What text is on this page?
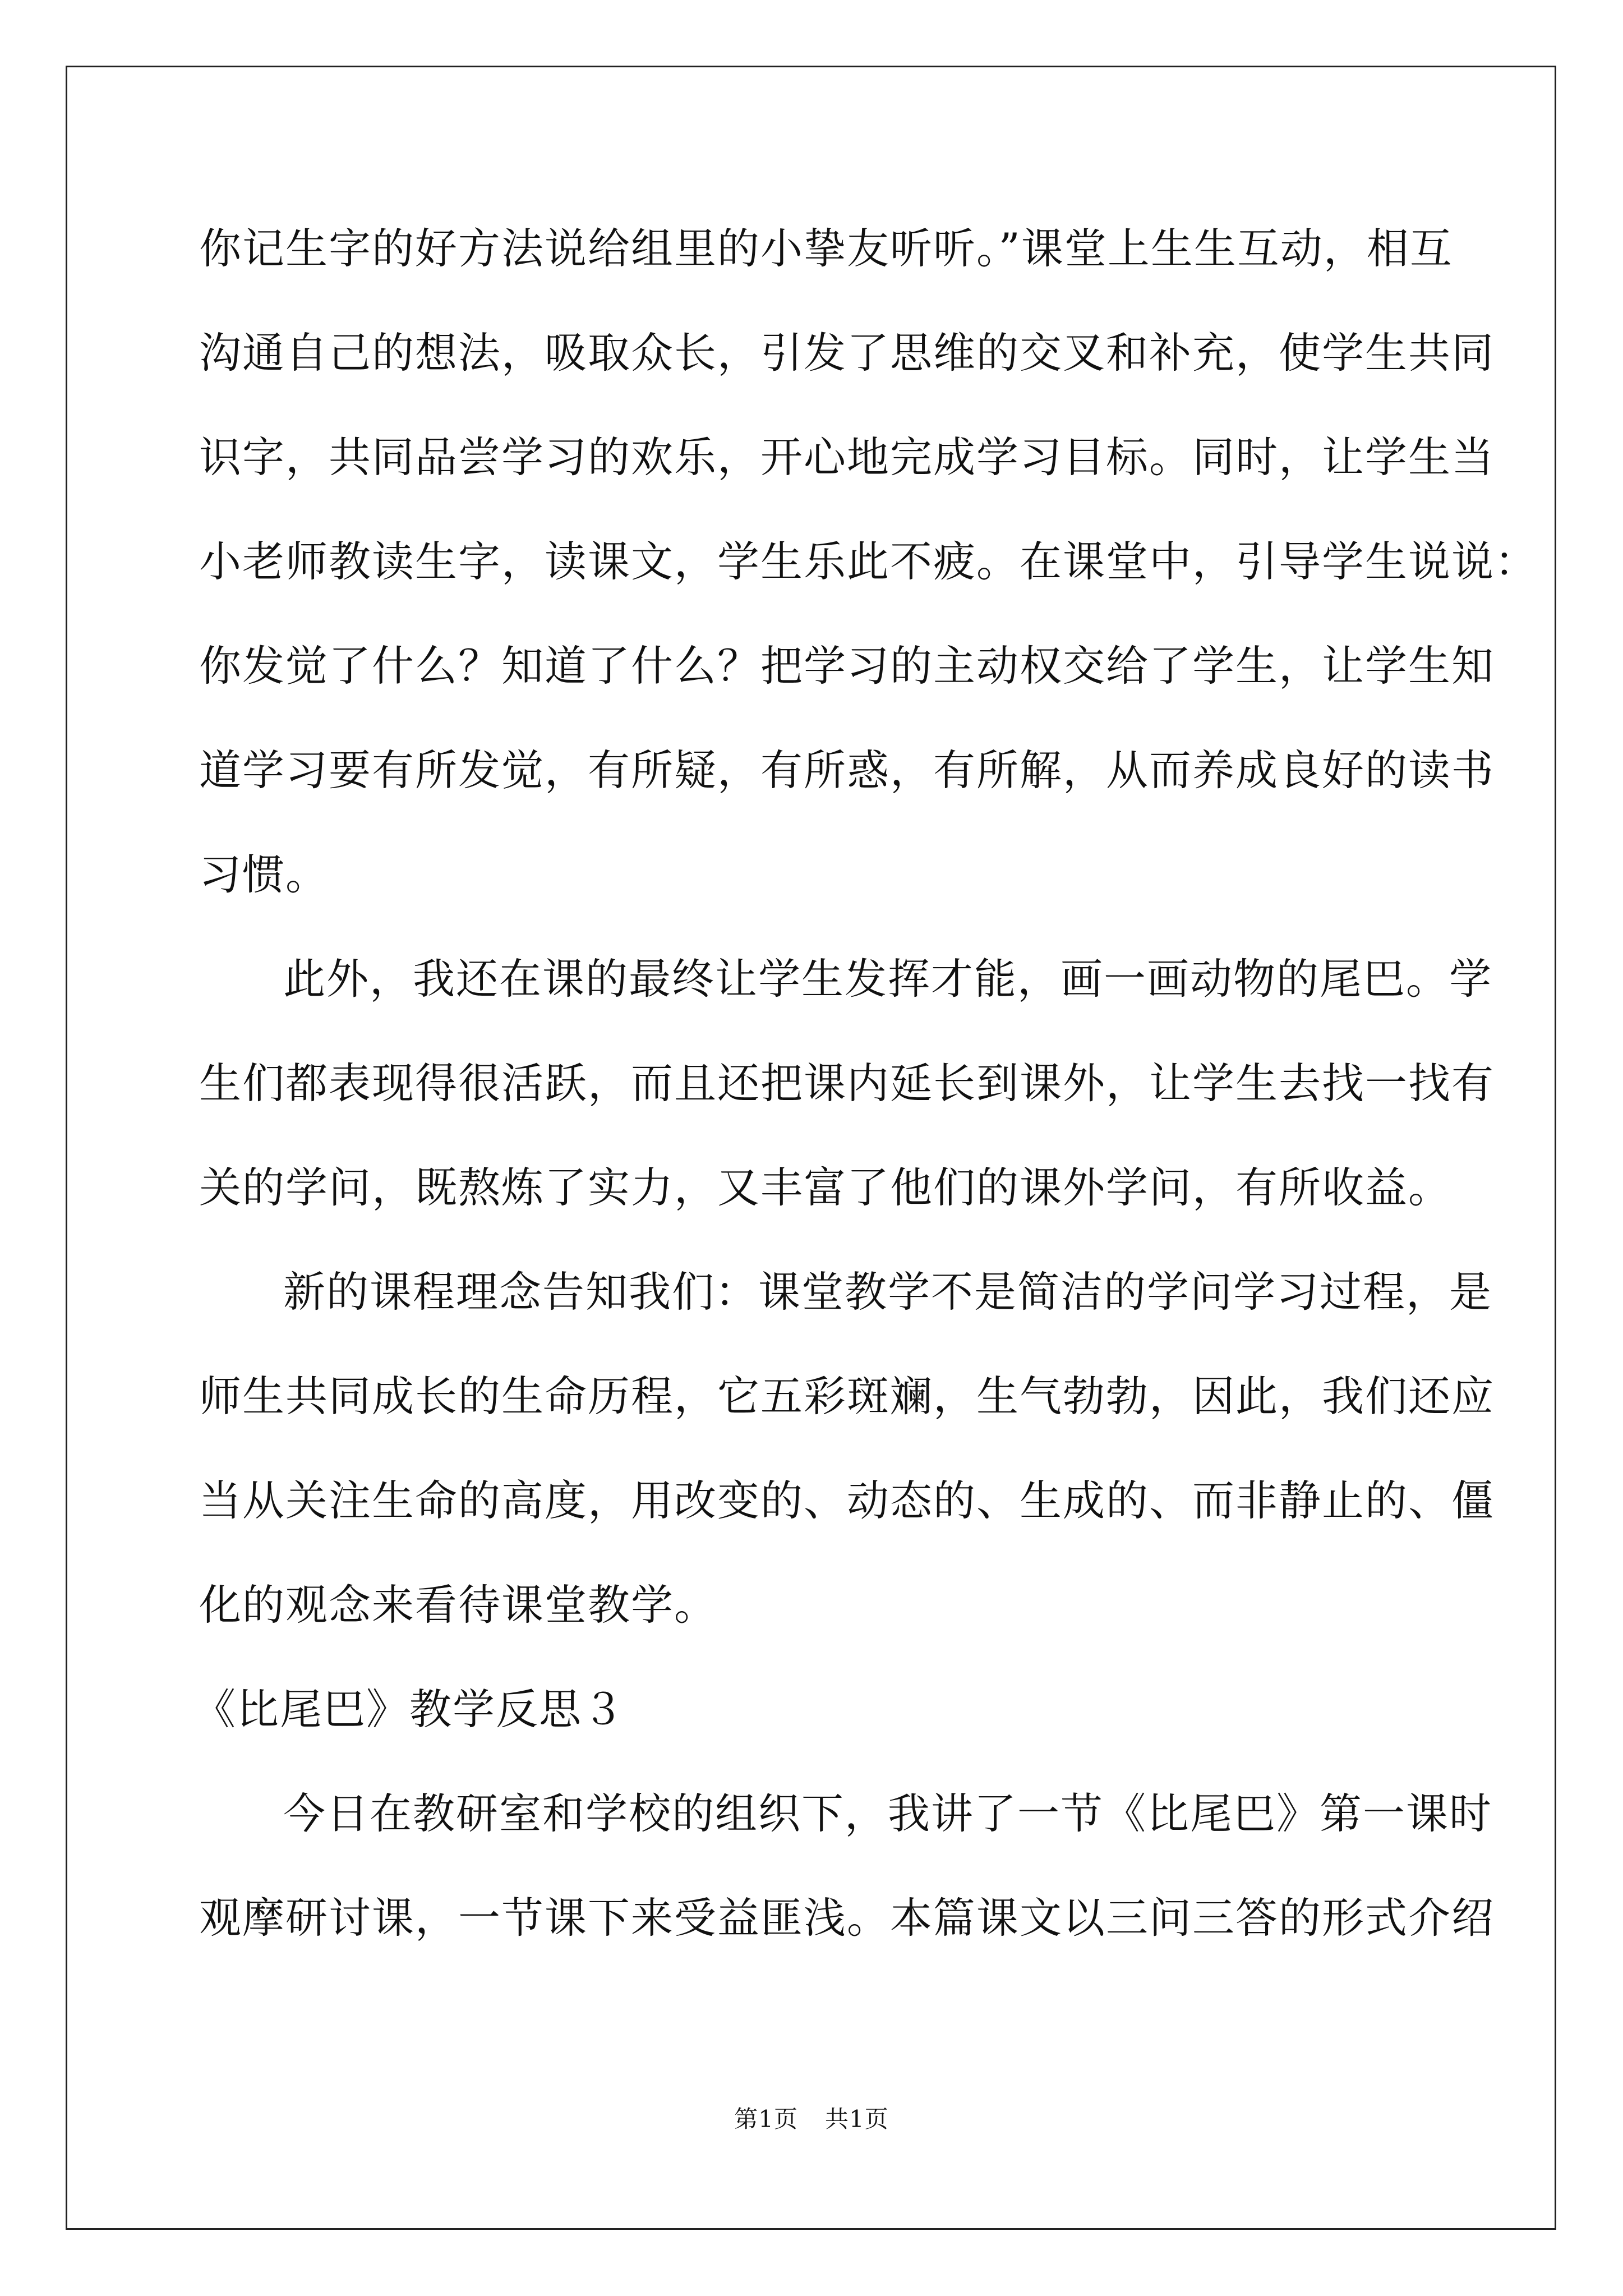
你记生字的好方法说给组里的小挚友听听。”课堂上生生互动，相互
沟通自己的想法，吸取众长，引发了思维的交叉和补充，使学生共同
识字，共同品尝学习的欢乐，开心地完成学习目标。同时，让学生当
小老师教读生字，读课文，学生乐此不疲。在课堂中，引导学生说说：
你发觉了什么？知道了什么？把学习的主动权交给了学生，让学生知
道学习要有所发觉，有所疑，有所惑，有所解，从而养成良好的读书
习惯。
此外，我还在课的最终让学生发挥才能，画一画动物的尾巴。学
生们都表现得很活跃，而且还把课内延长到课外，让学生去找一找有
关的学问，既熬炼了实力，又丰富了他们的课外学问，有所收益。
新的课程理念告知我们：课堂教学不是简洁的学问学习过程，是
师生共同成长的生命历程，它五彩斑斓，生气勃勃，因此，我们还应
当从关注生命的高度，用改变的、动态的、生成的、而非静止的、僵
化的观念来看待课堂教学。
《比尾巴》教学反思３
今日在教研室和学校的组织下，我讲了一节《比尾巴》第一课时
观摩研讨课，一节课下来受益匪浅。本篇课文以三问三答的形式介绍
第1页 共1页
